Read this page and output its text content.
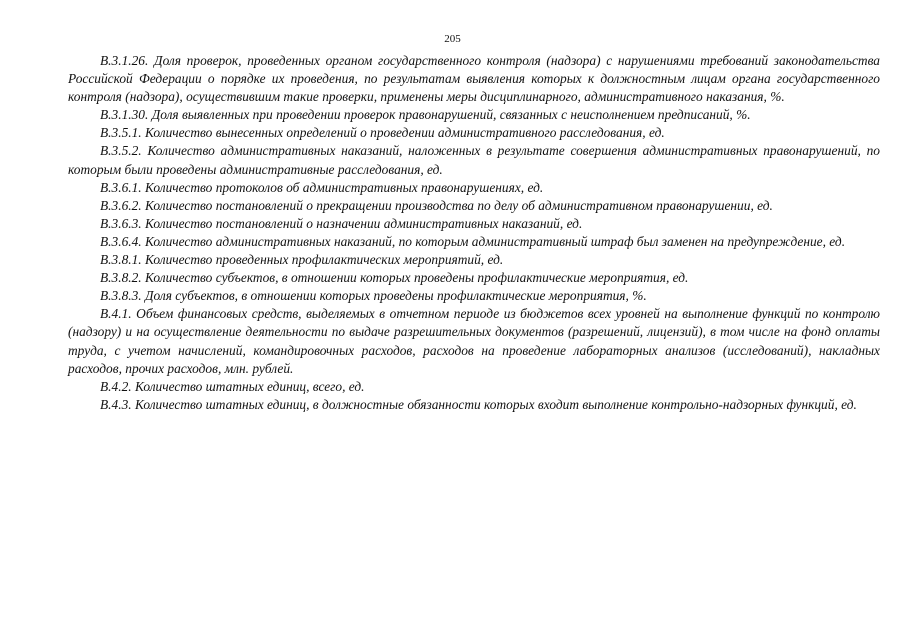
205

В.3.1.26. Доля проверок, проведенных органом государственного контроля (надзора) с нарушениями требований законодательства Российской Федерации о порядке их проведения, по результатам выявления которых к должностным лицам органа государственного контроля (надзора), осуществившим такие проверки, применены меры дисциплинарного, административного наказания, %.

В.3.1.30. Доля выявленных при проведении проверок правонарушений, связанных с неисполнением предписаний, %.

В.3.5.1. Количество вынесенных определений о проведении административного расследования, ед.

В.3.5.2. Количество административных наказаний, наложенных в результате совершения административных правонарушений, по которым были проведены административные расследования, ед.

В.3.6.1. Количество протоколов об административных правонарушениях, ед.

В.3.6.2. Количество постановлений о прекращении производства по делу об административном правонарушении, ед.

В.3.6.3. Количество постановлений о назначении административных наказаний, ед.

В.3.6.4. Количество административных наказаний, по которым административный штраф был заменен на предупреждение, ед.

В.3.8.1. Количество проведенных профилактических мероприятий, ед.

В.3.8.2. Количество субъектов, в отношении которых проведены профилактические мероприятия, ед.

В.3.8.3. Доля субъектов, в отношении которых проведены профилактические мероприятия, %.

В.4.1. Объем финансовых средств, выделяемых в отчетном периоде из бюджетов всех уровней на выполнение функций по контролю (надзору) и на осуществление деятельности по выдаче разрешительных документов (разрешений, лицензий), в том числе на фонд оплаты труда, с учетом начислений, командировочных расходов, расходов на проведение лабораторных анализов (исследований), накладных расходов, прочих расходов, млн. рублей.

В.4.2. Количество штатных единиц, всего, ед.

В.4.3. Количество штатных единиц, в должностные обязанности которых входит выполнение контрольно-надзорных функций, ед.
